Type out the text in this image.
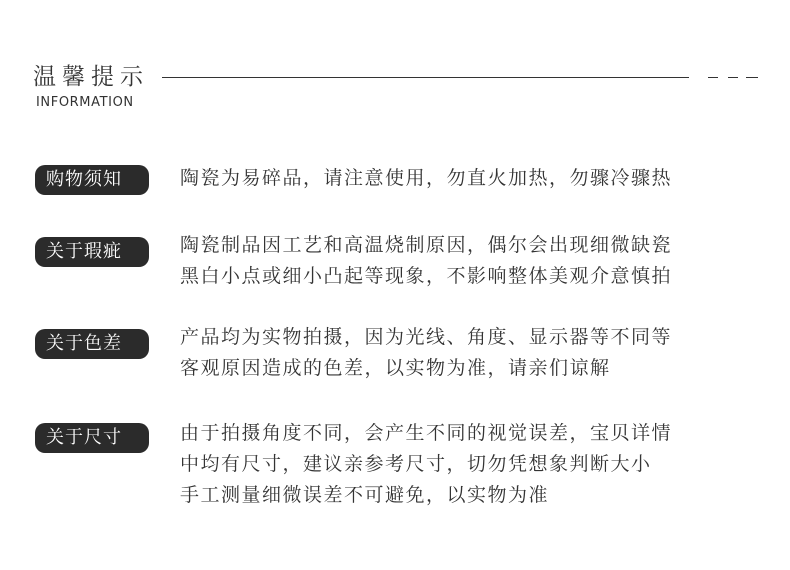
温馨提示
INFORMATION
购物须知	陶瓷为易碎品，请注意使用，勿直火加热，勿骤冷骤热
关于瑕疵	陶瓷制品因工艺和高温烧制原因，偶尔会出现细微缺瓷
黑白小点或细小凸起等现象，不影响整体美观介意慎拍
关于色差	产品均为实物拍摄，因为光线、角度、显示器等不同等
客观原因造成的色差，以实物为准，请亲们谅解
关于尺寸	由于拍摄角度不同，会产生不同的视觉误差，宝贝详情
中均有尺寸，建议亲参考尺寸，切勿凭想象判断大小
手工测量细微误差不可避免，以实物为准
